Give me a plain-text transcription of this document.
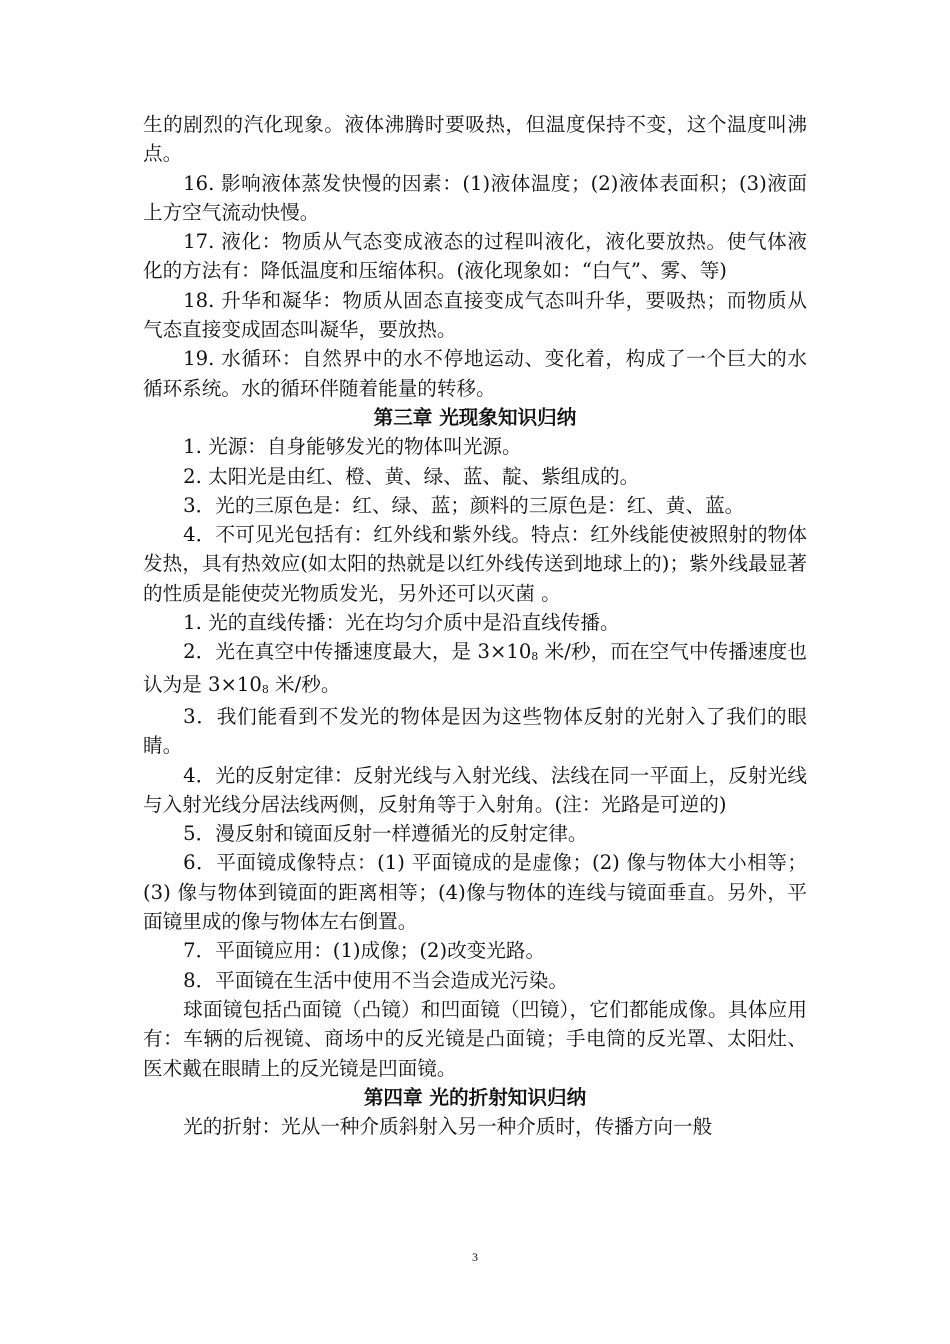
生的剧烈的汽化现象。液体沸腾时要吸热，但温度保持不变，这个温度叫沸点。

16. 影响液体蒸发快慢的因素：(1)液体温度；(2)液体表面积；(3)液面上方空气流动快慢。

17. 液化：物质从气态变成液态的过程叫液化，液化要放热。使气体液化的方法有：降低温度和压缩体积。(液化现象如：“白气”、雾、等)

18. 升华和凝华：物质从固态直接变成气态叫升华，要吸热；而物质从气态直接变成固态叫凝华，要放热。

19. 水循环：自然界中的水不停地运动、变化着，构成了一个巨大的水循环系统。水的循环伴随着能量的转移。

第三章 光现象知识归纳

1. 光源：自身能够发光的物体叫光源。

2. 太阳光是由红、橙、黄、绿、蓝、靛、紫组成的。

3．光的三原色是：红、绿、蓝；颜料的三原色是：红、黄、蓝。

4．不可见光包括有：红外线和紫外线。特点：红外线能使被照射的物体发热，具有热效应(如太阳的热就是以红外线传送到地球上的)；紫外线最显著的性质是能使荧光物质发光，另外还可以灭菌 。

1. 光的直线传播：光在均匀介质中是沿直线传播。

2．光在真空中传播速度最大，是 $3\times 10^8$ 米/秒，而在空气中传播速度也认为是 $3\times 10^8$ 米/秒。

3．我们能看到不发光的物体是因为这些物体反射的光射入了我们的眼睛。

4．光的反射定律：反射光线与入射光线、法线在同一平面上，反射光线与入射光线分居法线两侧，反射角等于入射角。(注：光路是可逆的)

5．漫反射和镜面反射一样遵循光的反射定律。

6．平面镜成像特点：(1) 平面镜成的是虚像；(2) 像与物体大小相等；(3) 像与物体到镜面的距离相等；(4)像与物体的连线与镜面垂直。另外，平面镜里成的像与物体左右倒置。

7．平面镜应用：(1)成像；(2)改变光路。

8．平面镜在生活中使用不当会造成光污染。

球面镜包括凸面镜（凸镜）和凹面镜（凹镜），它们都能成像。具体应用有：车辆的后视镜、商场中的反光镜是凸面镜；手电筒的反光罩、太阳灶、医术戴在眼睛上的反光镜是凹面镜。

第四章 光的折射知识归纳

光的折射：光从一种介质斜射入另一种介质时，传播方向一般

3
